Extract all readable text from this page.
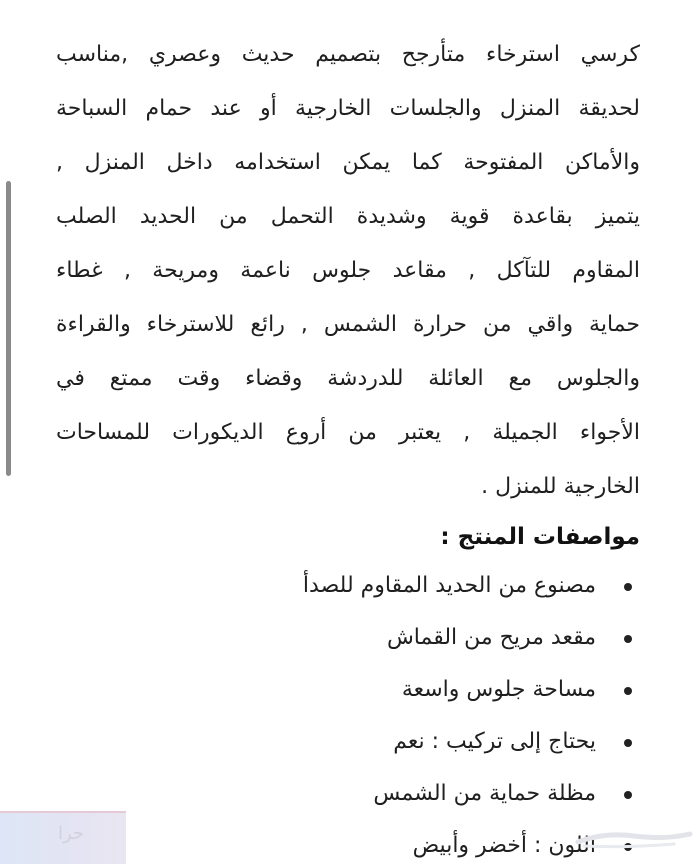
كرسي استرخاء متأرجح بتصميم حديث وعصري ,مناسب
لحديقة المنزل والجلسات الخارجية أو عند حمام السباحة
والأماكن المفتوحة كما يمكن استخدامه داخل المنزل ,
يتميز بقاعدة قوية وشديدة التحمل من الحديد الصلب
المقاوم للتآكل , مقاعد جلوس ناعمة ومريحة , غطاء
حماية واقي من حرارة الشمس , رائع للاسترخاء والقراءة
والجلوس مع العائلة للدردشة وقضاء وقت ممتع في
الأجواء الجميلة , يعتبر من أروع الديكورات للمساحات
الخارجية للمنزل .

مواصفات المنتج :
مصنوع من الحديد المقاوم للصدأ
مقعد مريح من القماش
مساحة جلوس واسعة
يحتاج إلى تركيب : نعم
مظلة حماية من الشمس
اللون : أخضر وأبيض
حرا
